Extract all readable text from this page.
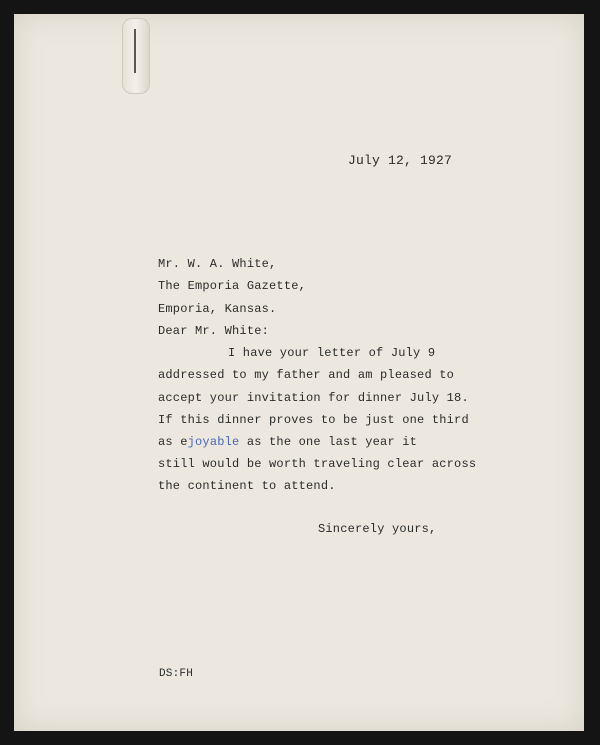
July 12, 1927
Mr. W. A. White,
The Emporia Gazette,
Emporia, Kansas.
Dear Mr. White:
I have your letter of July 9
addressed to my father and am pleased to
accept your invitation for dinner July 18.
If this dinner proves to be just one third
as ejoyable as the one last year it
still would be worth traveling clear across
the continent to attend.
Sincerely yours,
DS:FH
